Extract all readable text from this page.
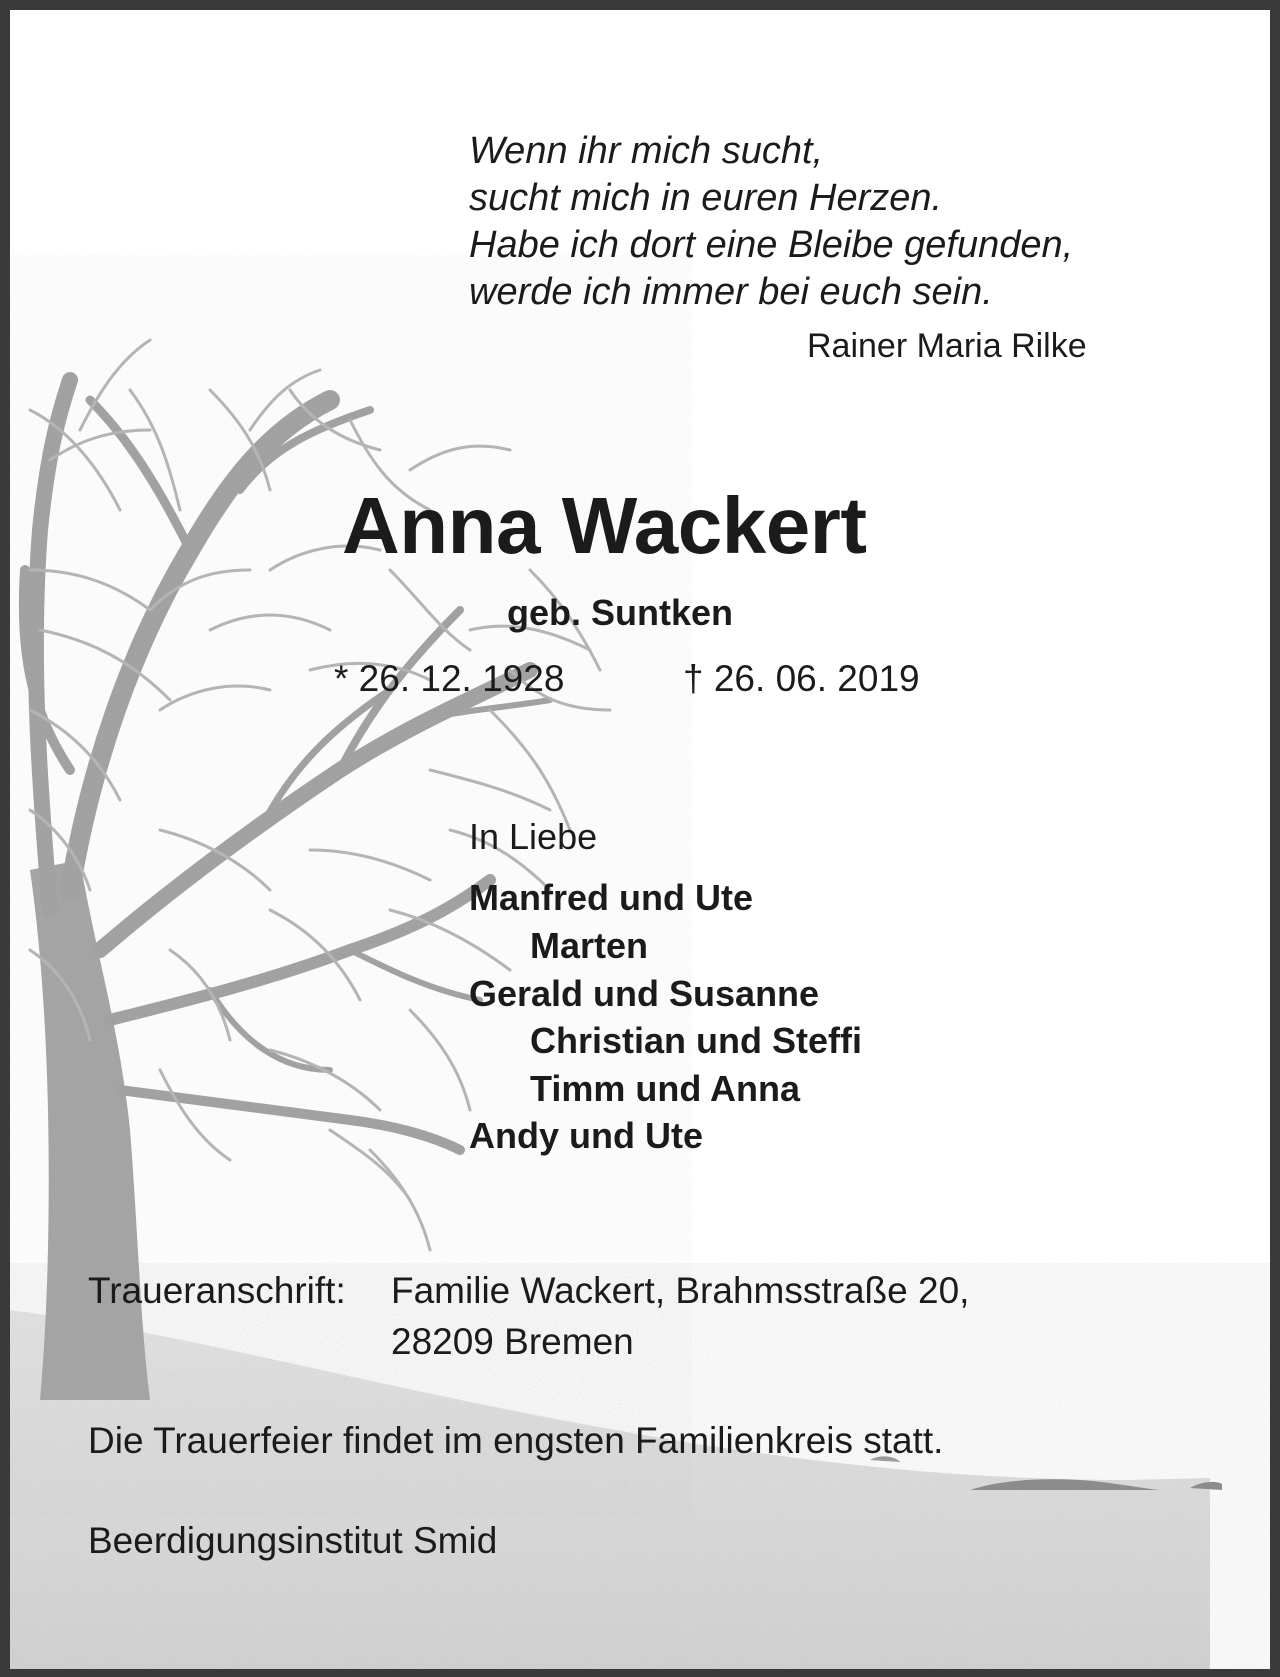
Wenn ihr mich sucht,
sucht mich in euren Herzen.
Habe ich dort eine Bleibe gefunden,
werde ich immer bei euch sein.
Rainer Maria Rilke
Anna Wackert
geb. Suntken
* 26. 12. 1928	† 26. 06. 2019
In Liebe
Manfred und Ute
Marten
Gerald und Susanne
Christian und Steffi
Timm und Anna
Andy und Ute
Traueranschrift: Familie Wackert, Brahmsstraße 20,
28209 Bremen
Die Trauerfeier findet im engsten Familienkreis statt.
Beerdigungsinstitut Smid
